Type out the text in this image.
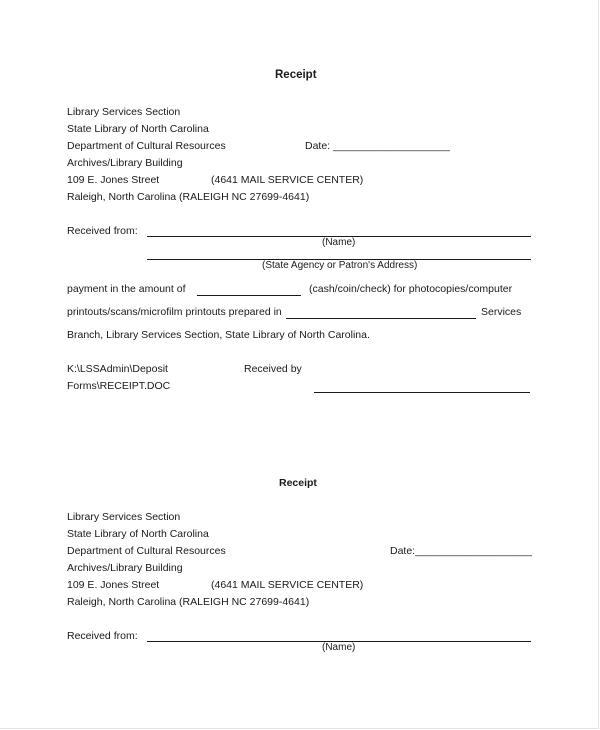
Receipt
Library Services Section
State Library of North Carolina
Department of Cultural Resources
Archives/Library Building
109 E. Jones Street
Raleigh, North Carolina (RALEIGH NC 27699-4641)
(4641 MAIL SERVICE CENTER)
Date: ____________________
Received from:
(Name)
(State Agency or Patron's Address)
payment in the amount of	(cash/coin/check) for photocopies/computer
printouts/scans/microfilm printouts prepared in	Services
Branch, Library Services Section, State Library of North Carolina.
K:\LSSAdmin\Deposit
Forms\RECEIPT.DOC
Received by
Receipt
Library Services Section
State Library of North Carolina
Department of Cultural Resources
Archives/Library Building
109 E. Jones Street
Raleigh, North Carolina (RALEIGH NC 27699-4641)
(4641 MAIL SERVICE CENTER)
Date:____________________
Received from:
(Name)
